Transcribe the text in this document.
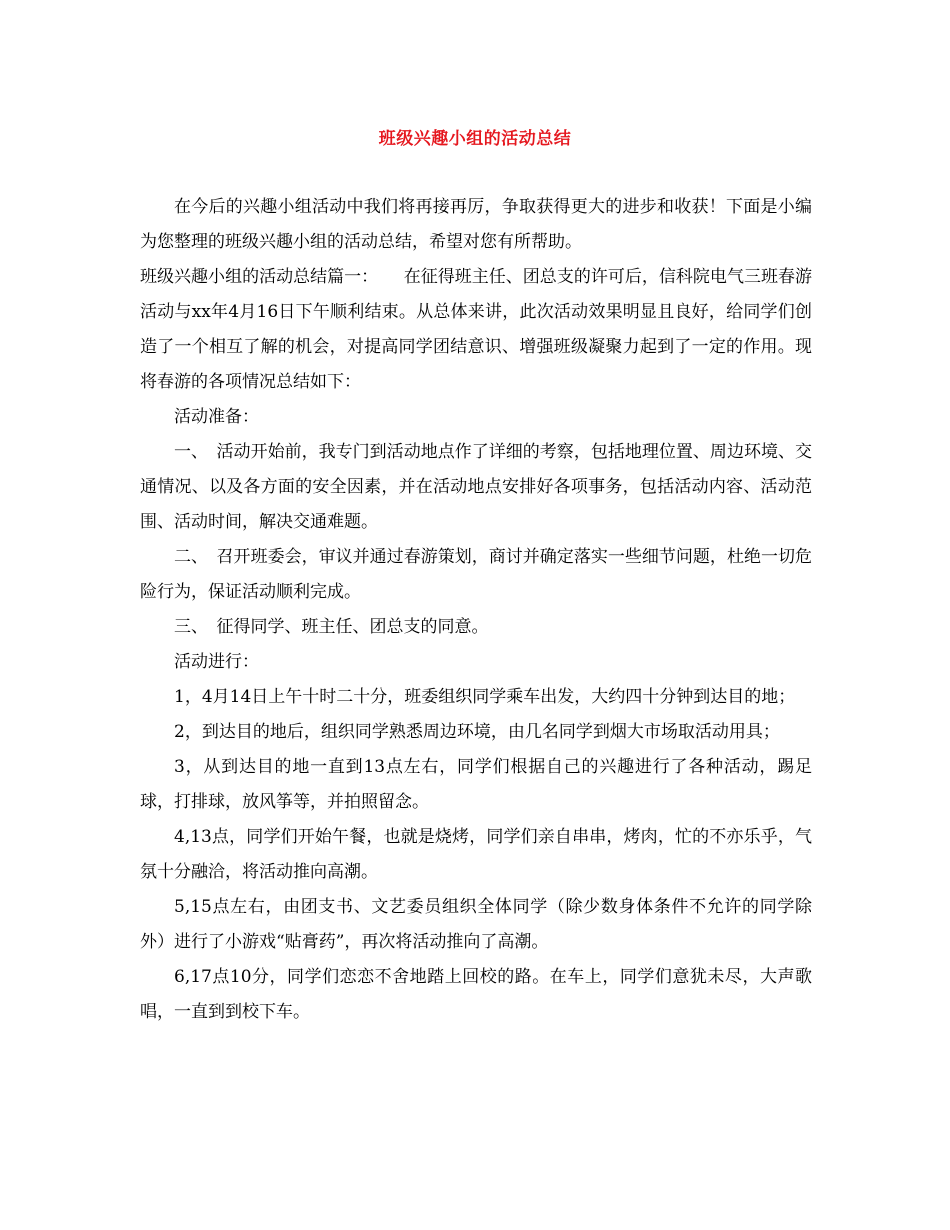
班级兴趣小组的活动总结

在今后的兴趣小组活动中我们将再接再厉，争取获得更大的进步和收获！下面是小编为您整理的班级兴趣小组的活动总结，希望对您有所帮助。

班级兴趣小组的活动总结篇一：　　在征得班主任、团总支的许可后，信科院电气三班春游活动与xx年4月16日下午顺利结束。从总体来讲，此次活动效果明显且良好，给同学们创造了一个相互了解的机会，对提高同学团结意识、增强班级凝聚力起到了一定的作用。现将春游的各项情况总结如下：

活动准备：

一、　活动开始前，我专门到活动地点作了详细的考察，包括地理位置、周边环境、交通情况、以及各方面的安全因素，并在活动地点安排好各项事务，包括活动内容、活动范围、活动时间，解决交通难题。

二、　召开班委会，审议并通过春游策划，商讨并确定落实一些细节问题，杜绝一切危险行为，保证活动顺利完成。

三、　征得同学、班主任、团总支的同意。

活动进行：

1，4月14日上午十时二十分，班委组织同学乘车出发，大约四十分钟到达目的地；

2，到达目的地后，组织同学熟悉周边环境，由几名同学到烟大市场取活动用具；

3，从到达目的地一直到13点左右，同学们根据自己的兴趣进行了各种活动，踢足球，打排球，放风筝等，并拍照留念。

4,13点，同学们开始午餐，也就是烧烤，同学们亲自串串，烤肉，忙的不亦乐乎，气氛十分融洽，将活动推向高潮。

5,15点左右，由团支书、文艺委员组织全体同学（除少数身体条件不允许的同学除外）进行了小游戏“贴膏药”，再次将活动推向了高潮。

6,17点10分，同学们恋恋不舍地踏上回校的路。在车上，同学们意犹未尽，大声歌唱，一直到到校下车。
